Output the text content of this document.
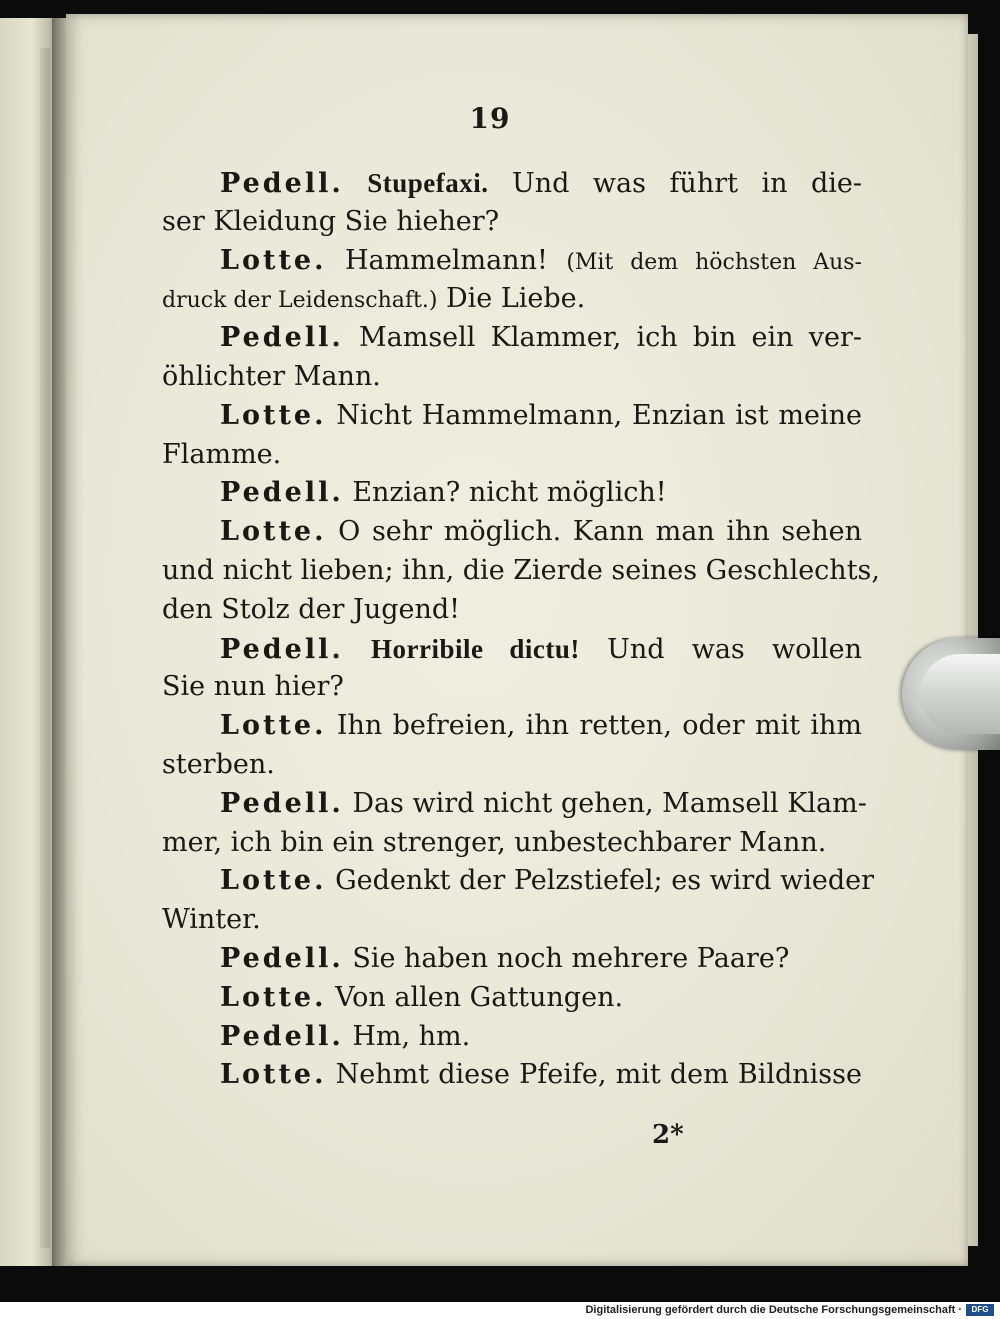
19
Pedell. Stupefaxi. Und was führt in die-
ser Kleidung Sie hieher?
Lotte. Hammelmann! (Mit dem höchsten Aus-
druck der Leidenschaft.) Die Liebe.
Pedell. Mamsell Klammer, ich bin ein ver-
öhlichter Mann.
Lotte. Nicht Hammelmann, Enzian ist meine
Flamme.
Pedell. Enzian? nicht möglich!
Lotte. O sehr möglich. Kann man ihn sehen
und nicht lieben; ihn, die Zierde seines Geschlechts,
den Stolz der Jugend!
Pedell. Horribile dictu! Und was wollen
Sie nun hier?
Lotte. Ihn befreien, ihn retten, oder mit ihm
sterben.
Pedell. Das wird nicht gehen, Mamsell Klam-
mer, ich bin ein strenger, unbestechbarer Mann.
Lotte. Gedenkt der Pelzstiefel; es wird wieder
Winter.
Pedell. Sie haben noch mehrere Paare?
Lotte. Von allen Gattungen.
Pedell. Hm, hm.
Lotte. Nehmt diese Pfeife, mit dem Bildnisse
2*
Digitalisierung gefördert durch die Deutsche Forschungsgemeinschaft ·	DFG
